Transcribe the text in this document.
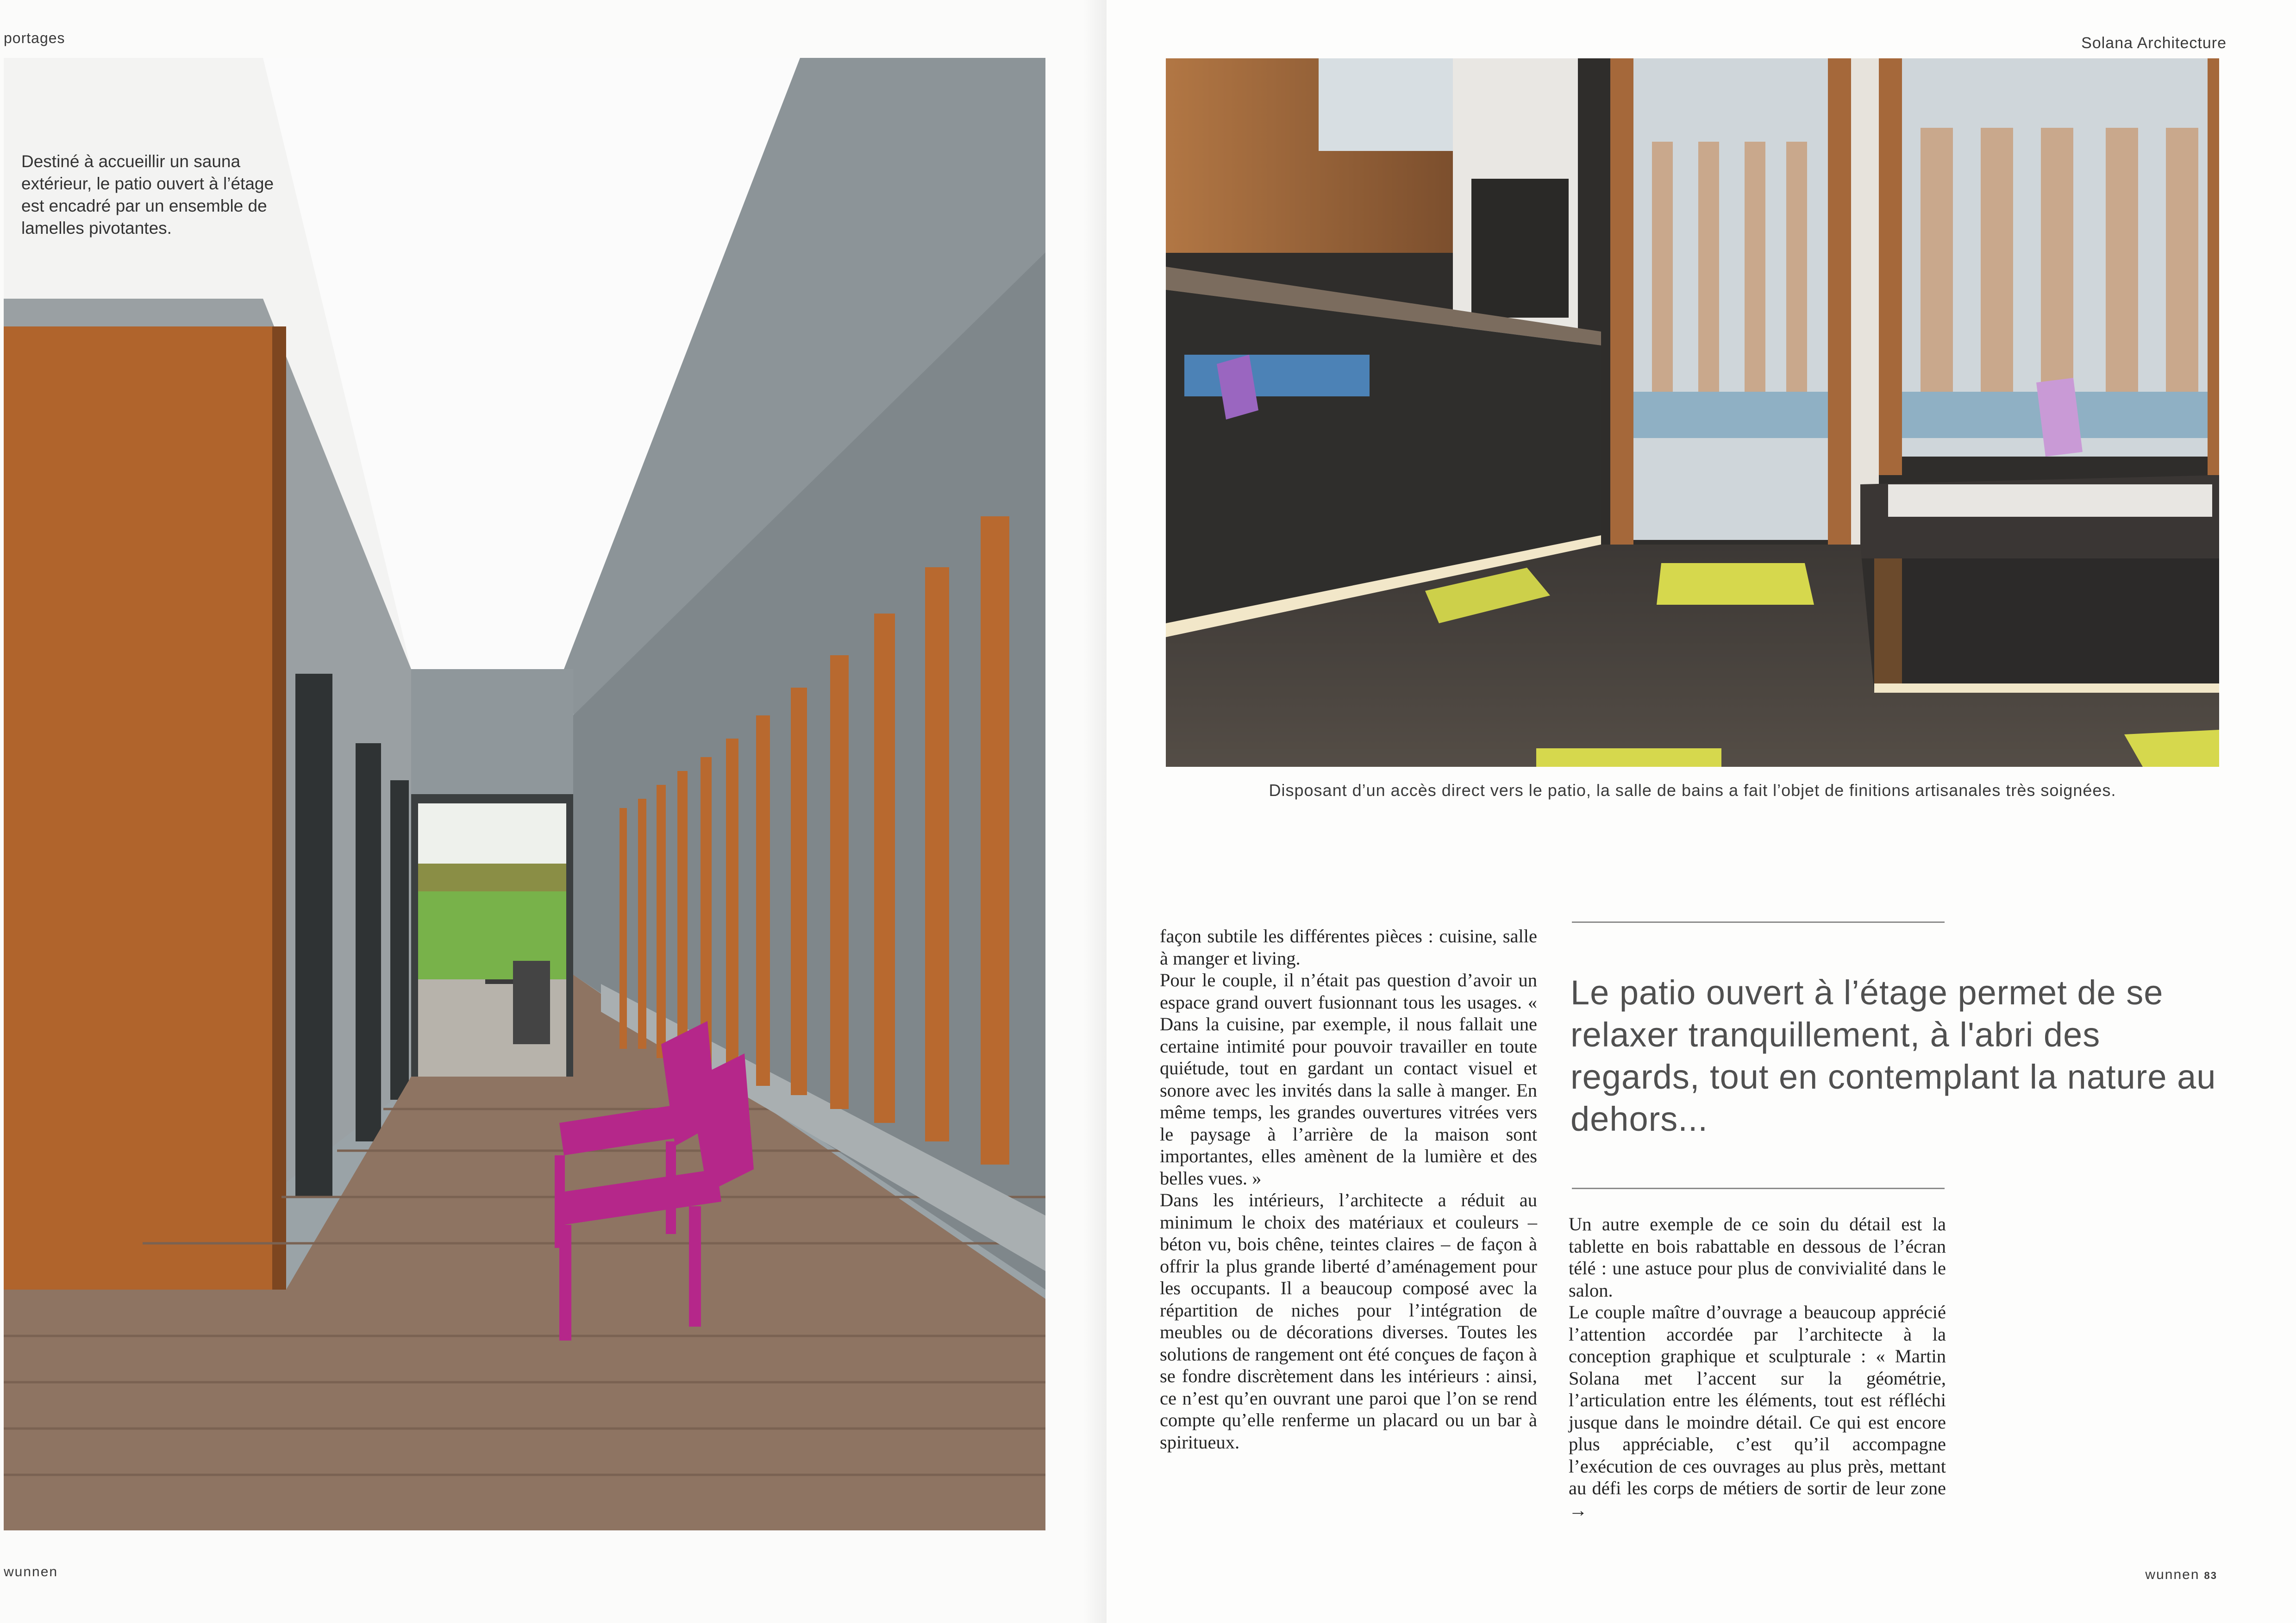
portages
Destiné à accueillir un sauna extérieur, le patio ouvert à l’étage est encadré par un ensemble de lamelles pivotantes.
wunnen
Solana Architecture
wunnen 83
Disposant d’un accès direct vers le patio, la salle de bains a fait l’objet de finitions artisanales très soignées.

façon subtile les différentes pièces : cuisine, salle à manger et living.

Pour le couple, il n’était pas question d’avoir un espace grand ouvert fusionnant tous les usages. « Dans la cuisine, par exemple, il nous fallait une certaine intimité pour pouvoir travailler en toute quiétude, tout en gardant un contact visuel et sonore avec les invités dans la salle à manger. En même temps, les grandes ouvertures vitrées vers le paysage à l’arrière de la maison sont importantes, elles amènent de la lumière et des belles vues. »

Dans les intérieurs, l’architecte a réduit au minimum le choix des matériaux et couleurs – béton vu, bois chêne, teintes claires – de façon à offrir la plus grande liberté d’aménagement pour les occupants. Il a beaucoup composé avec la répartition de niches pour l’intégration de meubles ou de décorations diverses. Toutes les solutions de rangement ont été conçues de façon à se fondre discrètement dans les intérieurs : ainsi, ce n’est qu’en ouvrant une paroi que l’on se rend compte qu’elle renferme un placard ou un bar à spiritueux.

Le patio ouvert à l’étage permet de se relaxer tranquillement, à l'abri des regards, tout en contemplant la nature au dehors...

Un autre exemple de ce soin du détail est la tablette en bois rabattable en dessous de l’écran télé : une astuce pour plus de convivialité dans le salon.

Le couple maître d’ouvrage a beaucoup apprécié l’attention accordée par l’architecte à la conception graphique et sculpturale : « Martin Solana met l’accent sur la géométrie, l’articulation entre les éléments, tout est réfléchi jusque dans le moindre détail. Ce qui est encore plus appréciable, c’est qu’il accompagne l’exécution de ces ouvrages au plus près, mettant au défi les corps de métiers de sortir de leur zone →
